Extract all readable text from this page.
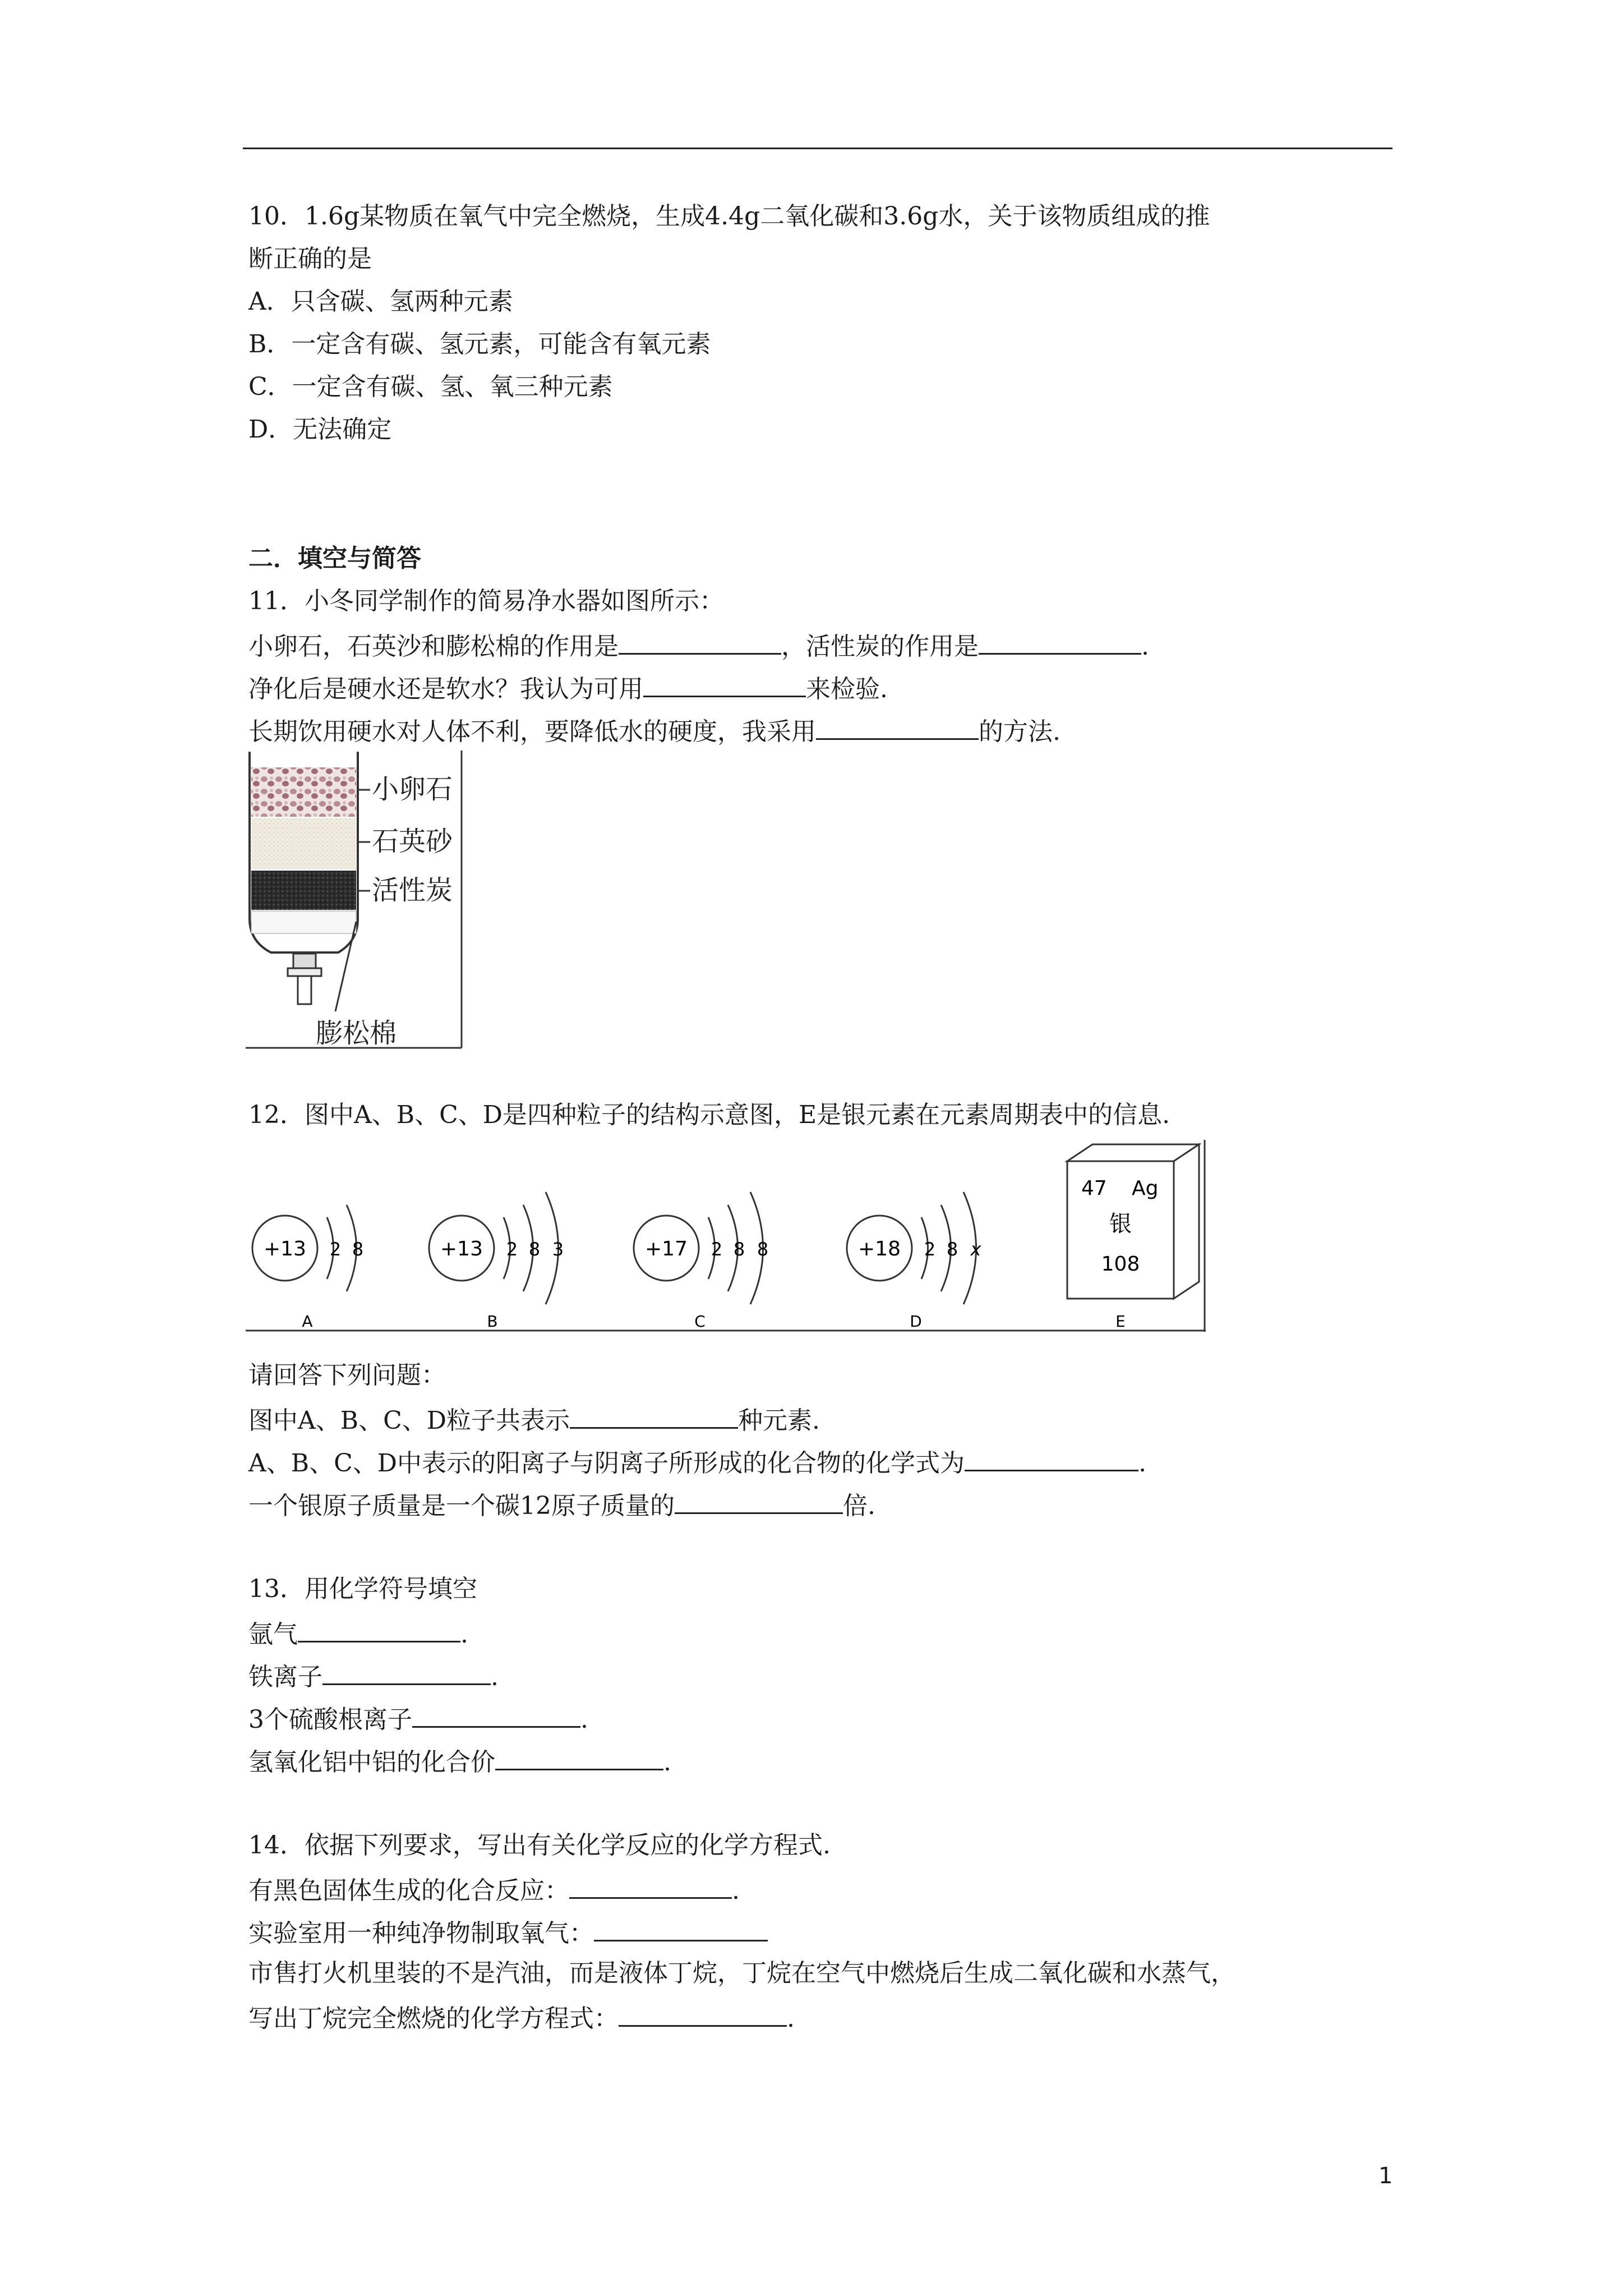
10．1.6g某物质在氧气中完全燃烧，生成4.4g二氧化碳和3.6g水，关于该物质组成的推
断正确的是
A．只含碳、氢两种元素
B．一定含有碳、氢元素，可能含有氧元素
C．一定含有碳、氢、氧三种元素
D．无法确定
二．填空与简答
11．小冬同学制作的简易净水器如图所示：
小卵石，石英沙和膨松棉的作用是	，活性炭的作用是	.
净化后是硬水还是软水？我认为可用	来检验.
长期饮用硬水对人体不利，要降低水的硬度，我采用	的方法.
小卵石
石英砂
活性炭
膨松棉
12．图中A、B、C、D是四种粒子的结构示意图，E是银元素在元素周期表中的信息.
+13 2 8
A
+13 2 8 3
B
+17 2 8 8
C
+18 2 8 x
D
47 Ag
银
108
E
请回答下列问题：
图中A、B、C、D粒子共表示	种元素.
A、B、C、D中表示的阳离子与阴离子所形成的化合物的化学式为	.
一个银原子质量是一个碳12原子质量的	倍.
13．用化学符号填空
氩气	.
铁离子	.
3个硫酸根离子	.
氢氧化铝中铝的化合价	.
14．依据下列要求，写出有关化学反应的化学方程式.
有黑色固体生成的化合反应：	.
实验室用一种纯净物制取氧气：
市售打火机里装的不是汽油，而是液体丁烷，丁烷在空气中燃烧后生成二氧化碳和水蒸气，
写出丁烷完全燃烧的化学方程式：	.
1
